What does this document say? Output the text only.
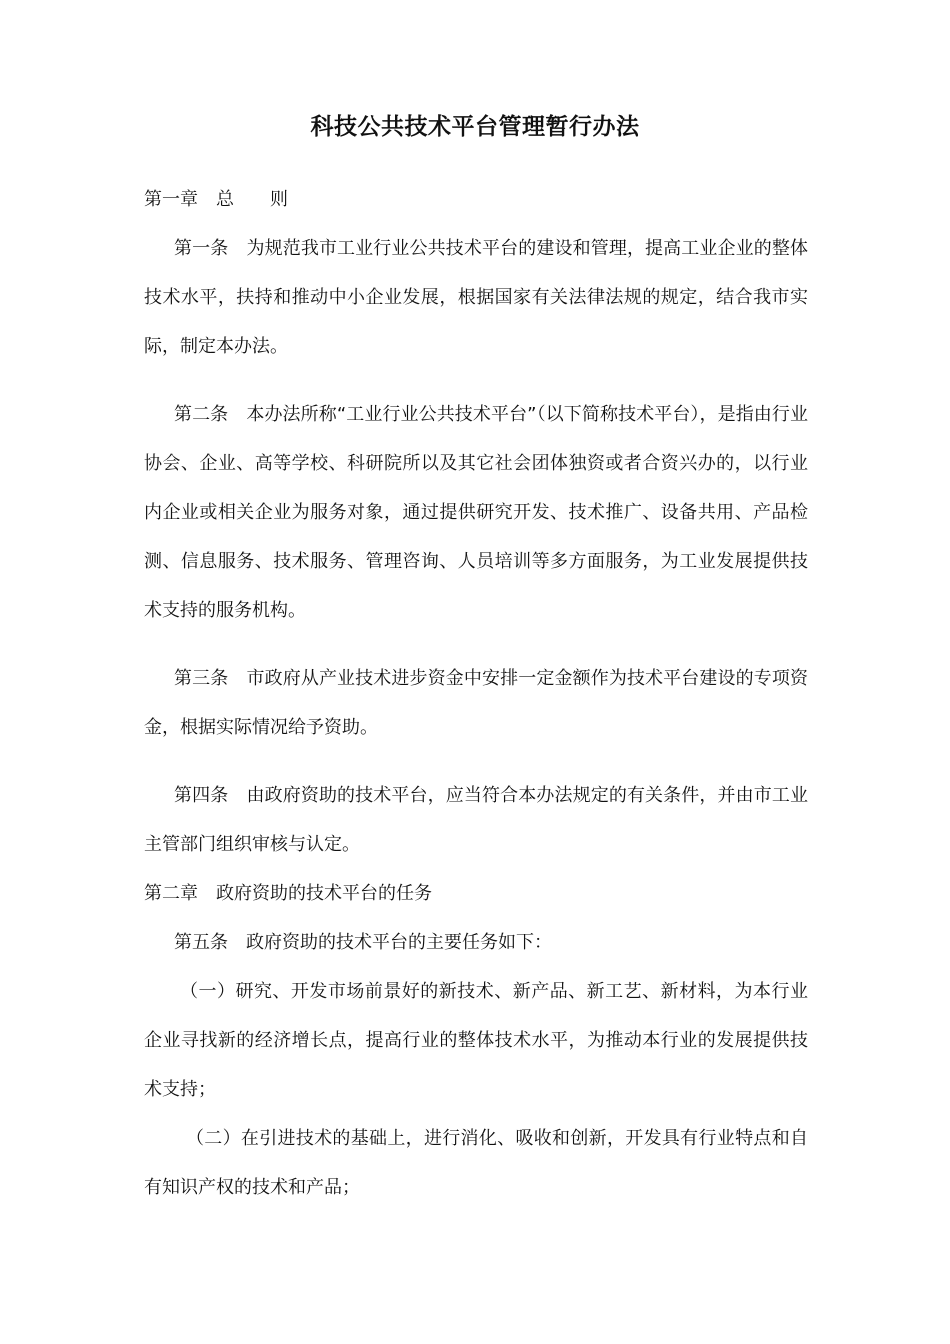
科技公共技术平台管理暂行办法

第一章　总　　则

第一条　为规范我市工业行业公共技术平台的建设和管理，提高工业企业的整体技术水平，扶持和推动中小企业发展，根据国家有关法律法规的规定，结合我市实际，制定本办法。

第二条　本办法所称“工业行业公共技术平台”（以下简称技术平台），是指由行业协会、企业、高等学校、科研院所以及其它社会团体独资或者合资兴办的，以行业内企业或相关企业为服务对象，通过提供研究开发、技术推广、设备共用、产品检测、信息服务、技术服务、管理咨询、人员培训等多方面服务，为工业发展提供技术支持的服务机构。

第三条　市政府从产业技术进步资金中安排一定金额作为技术平台建设的专项资金，根据实际情况给予资助。

第四条　由政府资助的技术平台，应当符合本办法规定的有关条件，并由市工业主管部门组织审核与认定。

第二章　政府资助的技术平台的任务

第五条　政府资助的技术平台的主要任务如下：

（一）研究、开发市场前景好的新技术、新产品、新工艺、新材料，为本行业企业寻找新的经济增长点，提高行业的整体技术水平，为推动本行业的发展提供技术支持；

（二）在引进技术的基础上，进行消化、吸收和创新，开发具有行业特点和自有知识产权的技术和产品；
